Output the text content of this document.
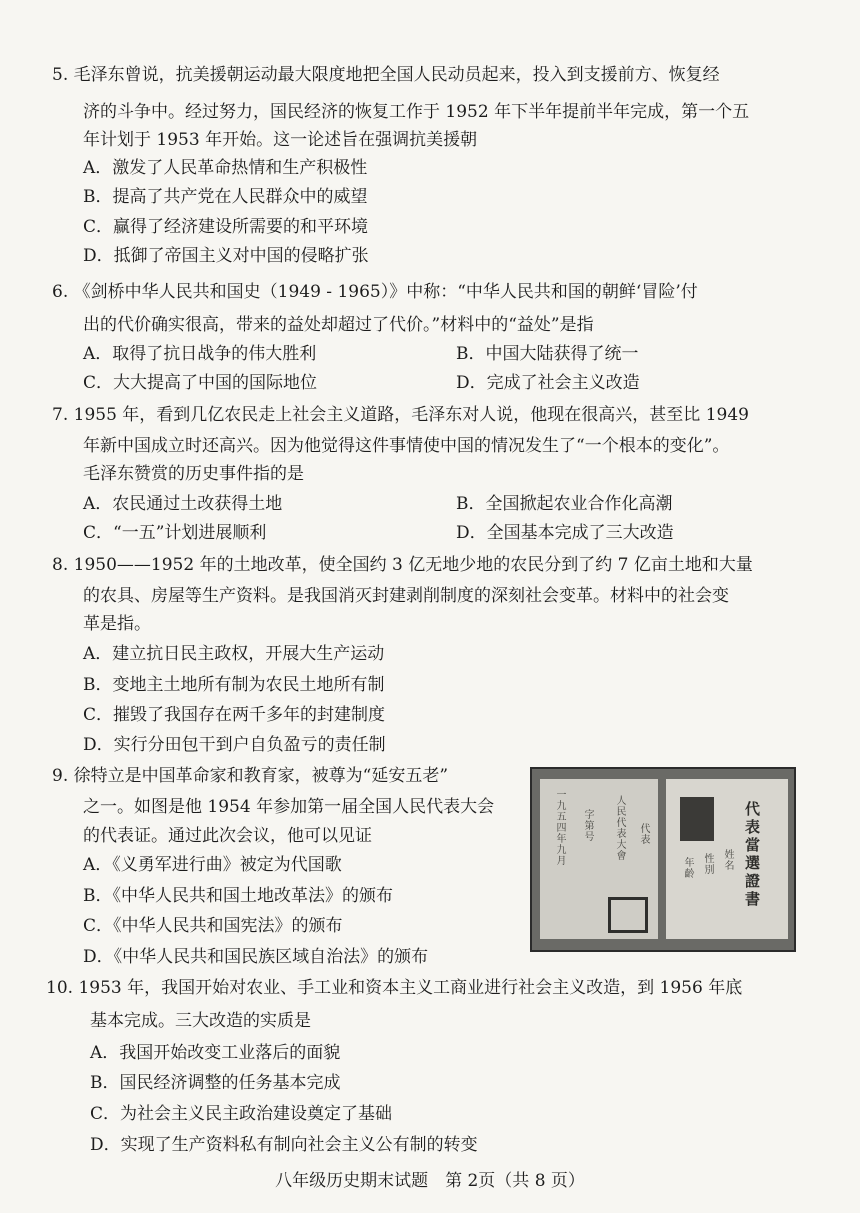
5. 毛泽东曾说，抗美援朝运动最大限度地把全国人民动员起来，投入到支援前方、恢复经
济的斗争中。经过努力，国民经济的恢复工作于 1952 年下半年提前半年完成，第一个五
年计划于 1953 年开始。这一论述旨在强调抗美援朝
A．激发了人民革命热情和生产积极性
B．提高了共产党在人民群众中的威望
C．赢得了经济建设所需要的和平环境
D．抵御了帝国主义对中国的侵略扩张
6. 《剑桥中华人民共和国史（1949 - 1965）》中称：“中华人民共和国的朝鲜‘冒险’付
出的代价确实很高，带来的益处却超过了代价。”材料中的“益处”是指
A．取得了抗日战争的伟大胜利	B．中国大陆获得了统一
C．大大提高了中国的国际地位	D．完成了社会主义改造
7. 1955 年，看到几亿农民走上社会主义道路，毛泽东对人说，他现在很高兴，甚至比 1949
年新中国成立时还高兴。因为他觉得这件事情使中国的情况发生了“一个根本的变化”。
毛泽东赞赏的历史事件指的是
A．农民通过土改获得土地	B．全国掀起农业合作化高潮
C．“一五”计划进展顺利	D．全国基本完成了三大改造
8. 1950——1952 年的土地改革，使全国约 3 亿无地少地的农民分到了约 7 亿亩土地和大量
的农具、房屋等生产资料。是我国消灭封建剥削制度的深刻社会变革。材料中的社会变
革是指。
A．建立抗日民主政权，开展大生产运动
B．变地主土地所有制为农民土地所有制
C．摧毁了我国存在两千多年的封建制度
D．实行分田包干到户自负盈亏的责任制
9. 徐特立是中国革命家和教育家，被尊为“延安五老”
之一。如图是他 1954 年参加第一届全国人民代表大会
的代表证。通过此次会议，他可以见证
A．《义勇军进行曲》被定为代国歌
B．《中华人民共和国土地改革法》的颁布
C．《中华人民共和国宪法》的颁布
D．《中华人民共和国民族区域自治法》的颁布
一九五四年九月 字第号 人民代表大會 代表	代表當選證書
姓名
性別
年齡
10. 1953 年，我国开始对农业、手工业和资本主义工商业进行社会主义改造，到 1956 年底
基本完成。三大改造的实质是
A．我国开始改变工业落后的面貌
B．国民经济调整的任务基本完成
C．为社会主义民主政治建设奠定了基础
D．实现了生产资料私有制向社会主义公有制的转变
八年级历史期末试题　第 2页（共 8 页）
